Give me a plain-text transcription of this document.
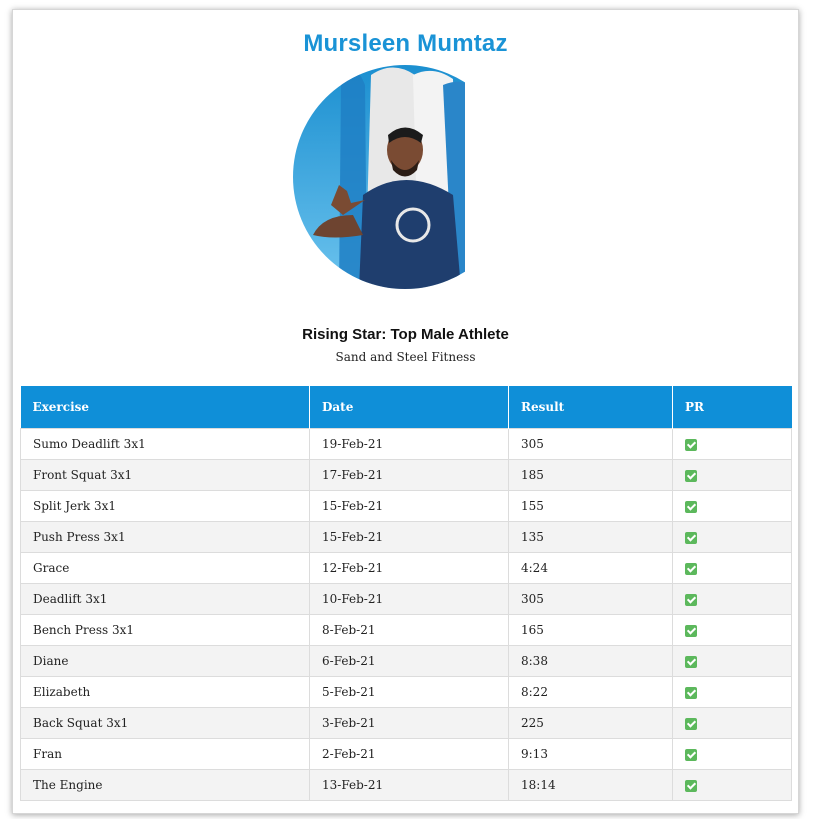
Mursleen Mumtaz
Rising Star: Top Male Athlete
Sand and Steel Fitness
Exercise	Date	Result	PR
Sumo Deadlift 3x1	19-Feb-21	305	
Front Squat 3x1	17-Feb-21	185	
Split Jerk 3x1	15-Feb-21	155	
Push Press 3x1	15-Feb-21	135	
Grace	12-Feb-21	4:24	
Deadlift 3x1	10-Feb-21	305	
Bench Press 3x1	8-Feb-21	165	
Diane	6-Feb-21	8:38	
Elizabeth	5-Feb-21	8:22	
Back Squat 3x1	3-Feb-21	225	
Fran	2-Feb-21	9:13	
The Engine	13-Feb-21	18:14	
